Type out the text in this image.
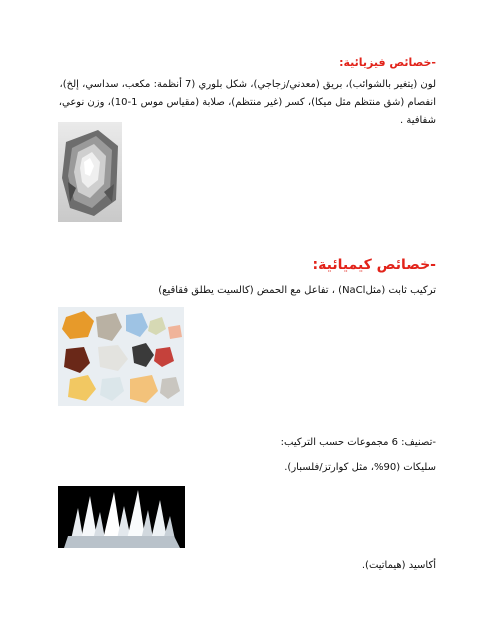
-خصائص فيزيائية:
لون (يتغير بالشوائب)، بريق (معدني/زجاجي)، شكل بلوري (7 أنظمة: مكعب، سداسي، إلخ)، انفصام (شق منتظم مثل ميكا)، كسر (غير منتظم)، صلابة (مقياس موس 1-10)، وزن نوعي، شفافية .
-خصائص كيميائية:
تركيب ثابت (مثلNaCl) ، تفاعل مع الحمض (كالسيت يطلق فقاقيع)
-تصنيف: 6 مجموعات حسب التركيب:
سليكات (90%، مثل كوارتز/فلسبار).
أكاسيد (هيماتيت).
